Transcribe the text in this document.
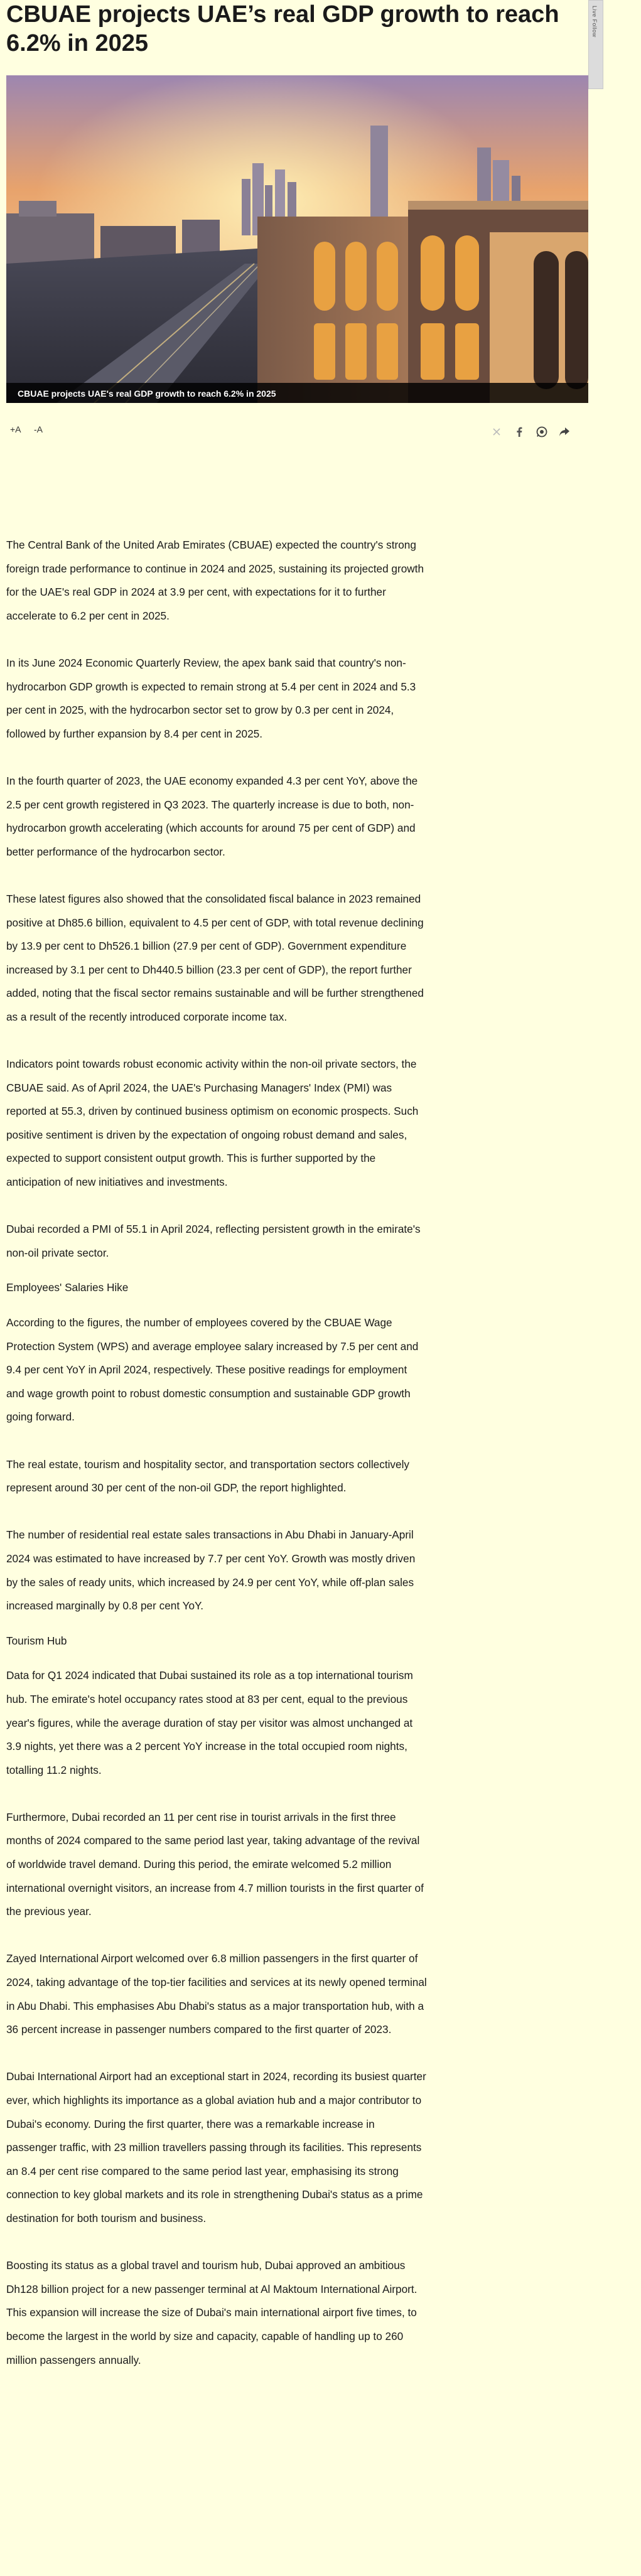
CBUAE projects UAE’s real GDP growth to reach 6.2% in 2025
Live Follow
CBUAE projects UAE's real GDP growth to reach 6.2% in 2025
+A -A

The Central Bank of the United Arab Emirates (CBUAE) expected the country's strong foreign trade performance to continue in 2024 and 2025, sustaining its projected growth for the UAE's real GDP in 2024 at 3.9 per cent, with expectations for it to further accelerate to 6.2 per cent in 2025.

In its June 2024 Economic Quarterly Review, the apex bank said that country's non-hydrocarbon GDP growth is expected to remain strong at 5.4 per cent in 2024 and 5.3 per cent in 2025, with the hydrocarbon sector set to grow by 0.3 per cent in 2024, followed by further expansion by 8.4 per cent in 2025.

In the fourth quarter of 2023, the UAE economy expanded 4.3 per cent YoY, above the 2.5 per cent growth registered in Q3 2023. The quarterly increase is due to both, non-hydrocarbon growth accelerating (which accounts for around 75 per cent of GDP) and better performance of the hydrocarbon sector.

These latest figures also showed that the consolidated fiscal balance in 2023 remained positive at Dh85.6 billion, equivalent to 4.5 per cent of GDP, with total revenue declining by 13.9 per cent to Dh526.1 billion (27.9 per cent of GDP). Government expenditure increased by 3.1 per cent to Dh440.5 billion (23.3 per cent of GDP), the report further added, noting that the fiscal sector remains sustainable and will be further strengthened as a result of the recently introduced corporate income tax.

Indicators point towards robust economic activity within the non-oil private sectors, the CBUAE said. As of April 2024, the UAE's Purchasing Managers' Index (PMI) was reported at 55.3, driven by continued business optimism on economic prospects. Such positive sentiment is driven by the expectation of ongoing robust demand and sales, expected to support consistent output growth. This is further supported by the anticipation of new initiatives and investments.

Dubai recorded a PMI of 55.1 in April 2024, reflecting persistent growth in the emirate's non-oil private sector.

Employees' Salaries Hike

According to the figures, the number of employees covered by the CBUAE Wage Protection System (WPS) and average employee salary increased by 7.5 per cent and 9.4 per cent YoY in April 2024, respectively. These positive readings for employment and wage growth point to robust domestic consumption and sustainable GDP growth going forward.

The real estate, tourism and hospitality sector, and transportation sectors collectively represent around 30 per cent of the non-oil GDP, the report highlighted.

The number of residential real estate sales transactions in Abu Dhabi in January-April 2024 was estimated to have increased by 7.7 per cent YoY. Growth was mostly driven by the sales of ready units, which increased by 24.9 per cent YoY, while off-plan sales increased marginally by 0.8 per cent YoY.

Tourism Hub

Data for Q1 2024 indicated that Dubai sustained its role as a top international tourism hub. The emirate's hotel occupancy rates stood at 83 per cent, equal to the previous year's figures, while the average duration of stay per visitor was almost unchanged at 3.9 nights, yet there was a 2 percent YoY increase in the total occupied room nights, totalling 11.2 nights.

Furthermore, Dubai recorded an 11 per cent rise in tourist arrivals in the first three months of 2024 compared to the same period last year, taking advantage of the revival of worldwide travel demand. During this period, the emirate welcomed 5.2 million international overnight visitors, an increase from 4.7 million tourists in the first quarter of the previous year.

Zayed International Airport welcomed over 6.8 million passengers in the first quarter of 2024, taking advantage of the top-tier facilities and services at its newly opened terminal in Abu Dhabi. This emphasises Abu Dhabi's status as a major transportation hub, with a 36 percent increase in passenger numbers compared to the first quarter of 2023.

Dubai International Airport had an exceptional start in 2024, recording its busiest quarter ever, which highlights its importance as a global aviation hub and a major contributor to Dubai's economy. During the first quarter, there was a remarkable increase in passenger traffic, with 23 million travellers passing through its facilities. This represents an 8.4 per cent rise compared to the same period last year, emphasising its strong connection to key global markets and its role in strengthening Dubai's status as a prime destination for both tourism and business.

Boosting its status as a global travel and tourism hub, Dubai approved an ambitious Dh128 billion project for a new passenger terminal at Al Maktoum International Airport. This expansion will increase the size of Dubai's main international airport five times, to become the largest in the world by size and capacity, capable of handling up to 260 million passengers annually.
